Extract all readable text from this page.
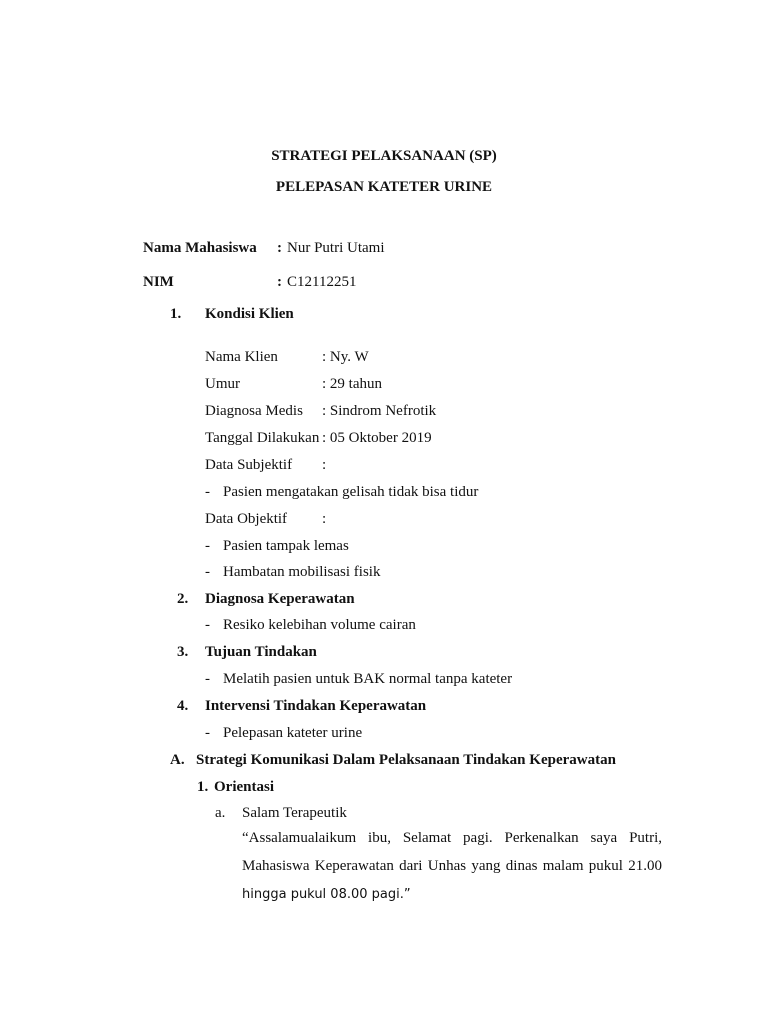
STRATEGI PELAKSANAAN (SP)
PELEPASAN KATETER URINE
Nama Mahasiswa : Nur Putri Utami
NIM	: C12112251
1. Kondisi Klien
Nama Klien	: Ny. W
Umur	: 29 tahun
Diagnosa Medis : Sindrom Nefrotik
Tanggal Dilakukan : 05 Oktober 2019
Data Subjektif :
- Pasien mengatakan gelisah tidak bisa tidur
Data Objektif :
- Pasien tampak lemas
- Hambatan mobilisasi fisik
2. Diagnosa Keperawatan
- Resiko kelebihan volume cairan
3. Tujuan Tindakan
- Melatih pasien untuk BAK normal tanpa kateter
4. Intervensi Tindakan Keperawatan
- Pelepasan kateter urine
A. Strategi Komunikasi Dalam Pelaksanaan Tindakan Keperawatan
1. Orientasi
a. Salam Terapeutik
“Assalamualaikum ibu, Selamat pagi. Perkenalkan saya Putri,
Mahasiswa Keperawatan dari Unhas yang dinas malam pukul 21.00
hingga pukul 08.00 pagi.”
